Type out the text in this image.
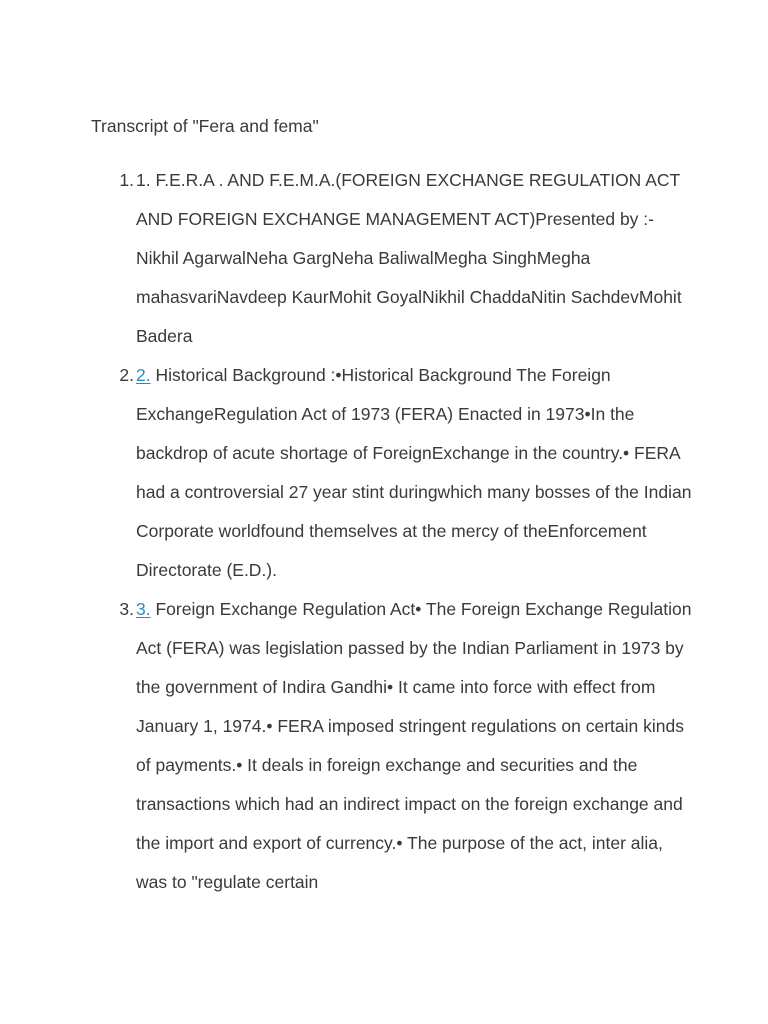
Transcript of "Fera and fema"
1. 1. F.E.R.A . AND F.E.M.A.(FOREIGN EXCHANGE REGULATION ACT AND FOREIGN EXCHANGE MANAGEMENT ACT)Presented by :-Nikhil AgarwalNeha GargNeha BaliwalMegha SinghMegha mahasvariNavdeep KaurMohit GoyalNikhil ChaddaNitin SachdevMohit Badera
2. 2. Historical Background :•Historical Background The Foreign ExchangeRegulation Act of 1973 (FERA) Enacted in 1973•In the backdrop of acute shortage of ForeignExchange in the country.• FERA had a controversial 27 year stint duringwhich many bosses of the Indian Corporate worldfound themselves at the mercy of theEnforcement Directorate (E.D.).
3. 3. Foreign Exchange Regulation Act• The Foreign Exchange Regulation Act (FERA) was legislation passed by the Indian Parliament in 1973 by the government of Indira Gandhi• It came into force with effect from January 1, 1974.• FERA imposed stringent regulations on certain kinds of payments.• It deals in foreign exchange and securities and the transactions which had an indirect impact on the foreign exchange and the import and export of currency.• The purpose of the act, inter alia, was to "regulate certain
